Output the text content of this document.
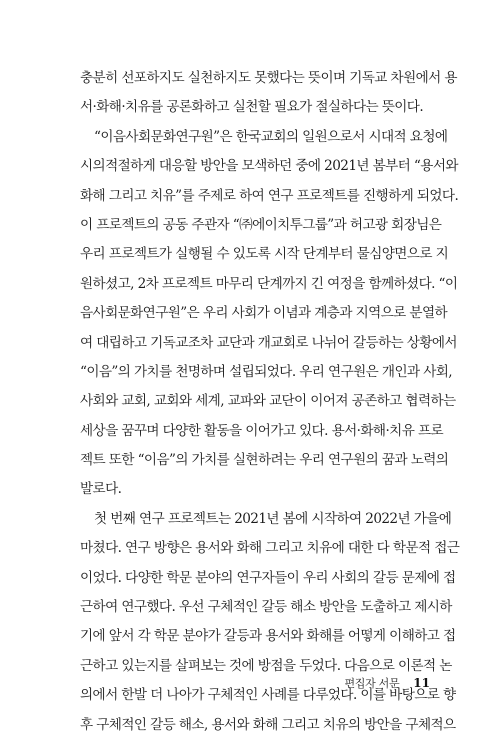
충분히 선포하지도 실천하지도 못했다는 뜻이며 기독교 차원에서 용
서·화해·치유를 공론화하고 실천할 필요가 절실하다는 뜻이다.
“이음사회문화연구원”은 한국교회의 일원으로서 시대적 요청에
시의적절하게 대응할 방안을 모색하던 중에 2021년 봄부터 “용서와
화해 그리고 치유”를 주제로 하여 연구 프로젝트를 진행하게 되었다.
이 프로젝트의 공동 주관자 “㈜에이치투그룹”과 허고광 회장님은
우리 프로젝트가 실행될 수 있도록 시작 단계부터 물심양면으로 지
원하셨고, 2차 프로젝트 마무리 단계까지 긴 여정을 함께하셨다. “이
음사회문화연구원”은 우리 사회가 이념과 계층과 지역으로 분열하
여 대립하고 기독교조차 교단과 개교회로 나뉘어 갈등하는 상황에서
“이음”의 가치를 천명하며 설립되었다. 우리 연구원은 개인과 사회,
사회와 교회, 교회와 세계, 교파와 교단이 이어져 공존하고 협력하는
세상을 꿈꾸며 다양한 활동을 이어가고 있다. 용서·화해·치유 프로
젝트 또한 “이음”의 가치를 실현하려는 우리 연구원의 꿈과 노력의
발로다.
첫 번째 연구 프로젝트는 2021년 봄에 시작하여 2022년 가을에
마쳤다. 연구 방향은 용서와 화해 그리고 치유에 대한 다 학문적 접근
이었다. 다양한 학문 분야의 연구자들이 우리 사회의 갈등 문제에 접
근하여 연구했다. 우선 구체적인 갈등 해소 방안을 도출하고 제시하
기에 앞서 각 학문 분야가 갈등과 용서와 화해를 어떻게 이해하고 접
근하고 있는지를 살펴보는 것에 방점을 두었다. 다음으로 이론적 논
의에서 한발 더 나아가 구체적인 사례를 다루었다. 이를 바탕으로 향
후 구체적인 갈등 해소, 용서와 화해 그리고 치유의 방안을 구체적으
편집자 서문 11
